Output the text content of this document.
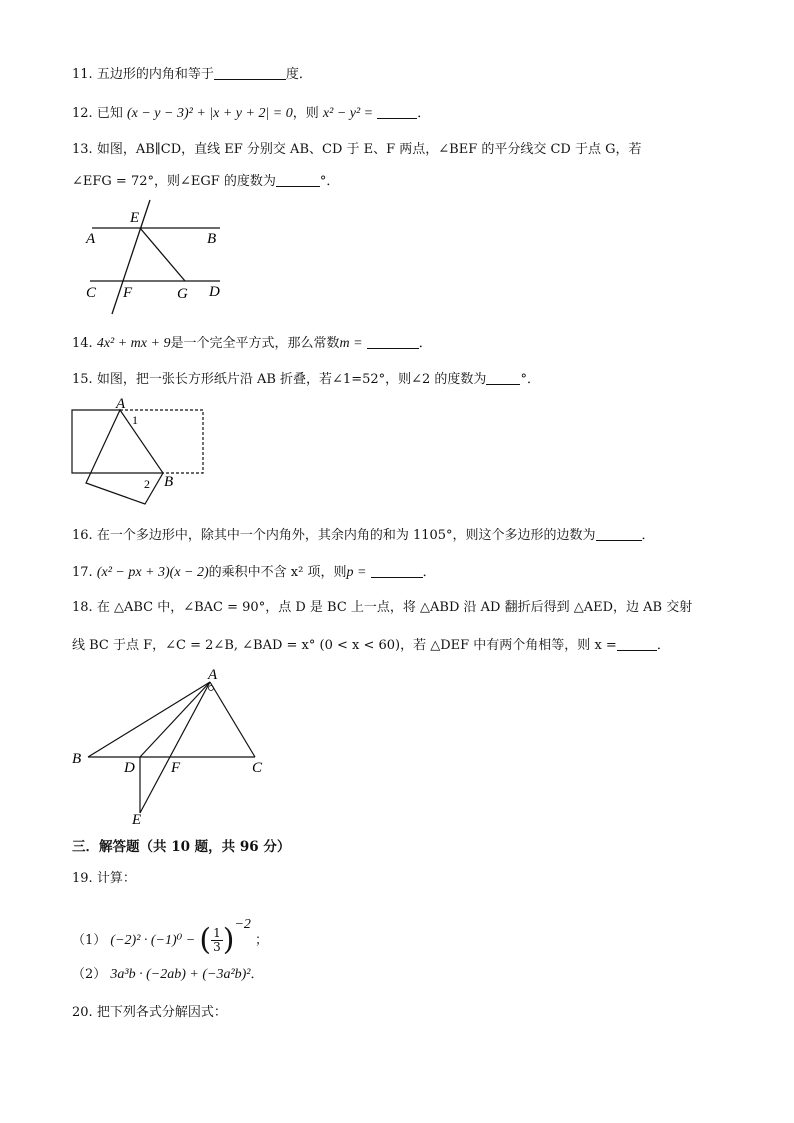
11. 五边形的内角和等于	度．
12. 已知 (x − y − 3)² + |x + y + 2| = 0，则 x² − y² =	．
13. 如图，AB∥CD，直线 EF 分别交 AB、CD 于 E、F 两点，∠BEF 的平分线交 CD 于点 G，若
∠EFG = 72°，则∠EGF 的度数为	°．
E
A	B
C F	G D
14. 4x² + mx + 9是一个完全平方式，那么常数m =	．
15. 如图，把一张长方形纸片沿 AB 折叠，若∠1=52°，则∠2 的度数为	°．
A
B
1
2
16. 在一个多边形中，除其中一个内角外，其余内角的和为 1105°，则这个多边形的边数为	．
17. (x² − px + 3)(x − 2)的乘积中不含 x² 项，则p =	．
18. 在 △ABC 中，∠BAC = 90°，点 D 是 BC 上一点，将 △ABD 沿 AD 翻折后得到 △AED，边 AB 交射
线 BC 于点 F，∠C = 2∠B, ∠BAD = x° (0 < x < 60)，若 △DEF 中有两个角相等，则 x =	．
A
B
C
D F
E
三．解答题（共 10 题，共 96 分）
19. 计算：
（1） (−2)² · (−1)⁰ − ( $\frac{1}{3} )^{-2}$ ；
（2） 3a³b · (−2ab) + (−3a²b)²．
20. 把下列各式分解因式：
